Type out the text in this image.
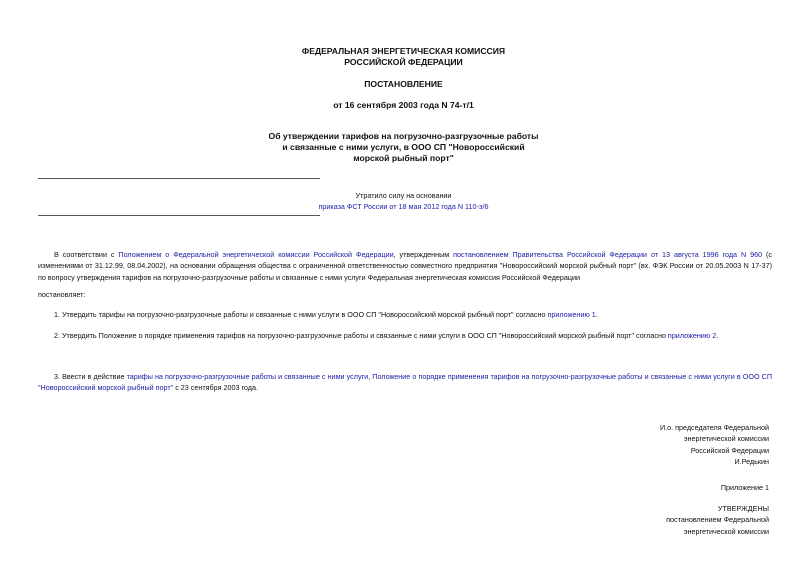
ФЕДЕРАЛЬНАЯ ЭНЕРГЕТИЧЕСКАЯ КОМИССИЯ
РОССИЙСКОЙ ФЕДЕРАЦИИ
ПОСТАНОВЛЕНИЕ
от 16 сентября 2003 года N 74-т/1
Об утверждении тарифов на погрузочно-разгрузочные работы
и связанные с ними услуги, в ООО СП "Новороссийский
морской рыбный порт"
Утратило силу на основании
приказа ФСТ России от 18 мая 2012 года N 110-э/6
В соответствии с Положением о Федеральной энергетической комиссии Российской Федерации, утвержденным постановлением Правительства Российской Федерации от 13 августа 1996 года N 960 (с изменениями от 31.12.99, 08.04.2002), на основании обращения общества с ограниченной ответственностью совместного предприятия "Новороссийский морской рыбный порт" (вх. ФЭК России от 20.05.2003 N 17-37) по вопросу утверждения тарифов на погрузочно-разгрузочные работы и связанные с ними услуги Федеральная энергетическая комиссия Российской Федерации
постановляет:
1. Утвердить тарифы на погрузочно-разгрузочные работы и связанные с ними услуги в ООО СП "Новороссийский морской рыбный порт" согласно приложению 1.
2. Утвердить Положение о порядке применения тарифов на погрузочно-разгрузочные работы и связанные с ними услуги в ООО СП "Новороссийский морской рыбный порт" согласно приложению 2.
3. Ввести в действие тарифы на погрузочно-разгрузочные работы и связанные с ними услуги, Положение о порядке применения тарифов на погрузочно-разгрузочные работы и связанные с ними услуги в ООО СП "Новороссийский морской рыбный порт" с 23 сентября 2003 года.
И.о. председателя Федеральной
энергетической комиссии
Российской Федерации
И.Редькин
Приложение 1
УТВЕРЖДЕНЫ
постановлением Федеральной
энергетической комиссии
